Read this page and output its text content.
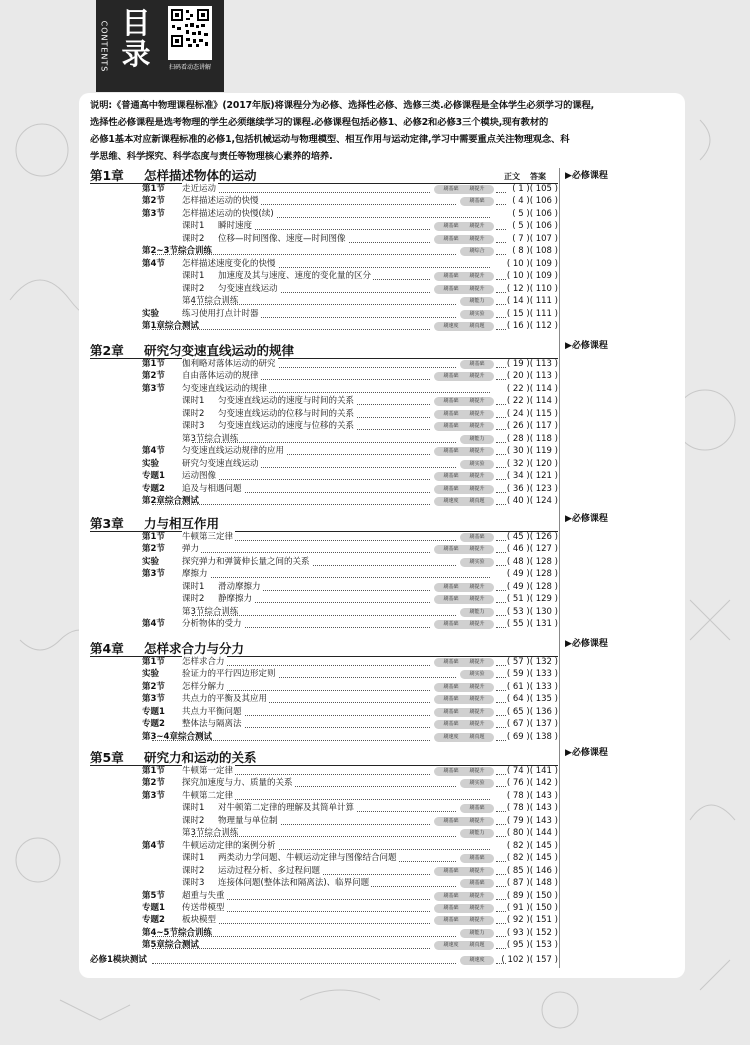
目录
CONTENTS	扫码看动态讲解
说明:《普通高中物理课程标准》(2017年版)将课程分为必修、选择性必修、选修三类.必修课程是全体学生必须学习的课程,
选择性必修课程是选考物理的学生必须继续学习的课程.必修课程包括必修1、必修2和必修3三个模块,现有教材的
必修1基本对应新课程标准的必修1,包括机械运动与物理模型、相互作用与运动定律,学习中需要重点关注物理观念、科
学思维、科学探究、科学态度与责任等物理核心素养的培养.
第1章 怎样描述物体的运动	正文 答案 ▶必修课程
第1节 走近运动	刷基础	刷提升	( 1 )( 105 )
第2节 怎样描述运动的快慢	刷基础	( 4 )( 106 )
第3节 怎样描述运动的快慢(续)	( 5 )( 106 )
课时1 瞬时速度	刷基础	刷提升	( 5 )( 106 )
课时2 位移—时间图像、速度—时间图像	刷基础	刷提升	( 7 )( 107 )
第2~3节综合训练	刷综合	( 8 )( 108 )
第4节 怎样描述速度变化的快慢	( 10 )( 109 )
课时1 加速度及其与速度、速度的变化量的区分	刷基础	刷提升	( 10 )( 109 )
课时2 匀变速直线运动	刷基础	刷提升	( 12 )( 110 )
第4节综合训练	刷能力	( 14 )( 111 )
实验	练习使用打点计时器	刷实验	( 15 )( 111 )
第1章综合测试	刷速度	刷真题	( 16 )( 112 )
第2章 研究匀变速直线运动的规律	▶必修课程
第1节 伽利略对落体运动的研究	刷基础	( 19 )( 113 )
第2节 自由落体运动的规律	刷基础	刷提升	( 20 )( 113 )
第3节 匀变速直线运动的规律	( 22 )( 114 )
课时1 匀变速直线运动的速度与时间的关系	刷基础	刷提升	( 22 )( 114 )
课时2 匀变速直线运动的位移与时间的关系	刷基础	刷提升	( 24 )( 115 )
课时3 匀变速直线运动的速度与位移的关系	刷基础	刷提升	( 26 )( 117 )
第3节综合训练	刷能力	( 28 )( 118 )
第4节 匀变速直线运动规律的应用	刷基础	刷提升	( 30 )( 119 )
实验	研究匀变速直线运动	刷实验	( 32 )( 120 )
专题1 运动图像	刷基础	刷提升	( 34 )( 121 )
专题2 追及与相遇问题	刷基础	刷提升	( 36 )( 123 )
第2章综合测试	刷速度	刷真题	( 40 )( 124 )
第3章 力与相互作用	▶必修课程
第1节 牛顿第三定律	刷基础	( 45 )( 126 )
第2节 弹力	刷基础	刷提升	( 46 )( 127 )
实验	探究弹力和弹簧伸长量之间的关系	刷实验	( 48 )( 128 )
第3节 摩擦力	( 49 )( 128 )
课时1 滑动摩擦力	刷基础	刷提升	( 49 )( 128 )
课时2 静摩擦力	刷基础	刷提升	( 51 )( 129 )
第3节综合训练	刷能力	( 53 )( 130 )
第4节 分析物体的受力	刷基础	刷提升	( 55 )( 131 )
第4章 怎样求合力与分力	▶必修课程
第1节 怎样求合力	刷基础	刷提升	( 57 )( 132 )
实验	验证力的平行四边形定则	刷实验	( 59 )( 133 )
第2节 怎样分解力	刷基础	刷提升	( 61 )( 133 )
第3节 共点力的平衡及其应用	刷基础	刷提升	( 64 )( 135 )
专题1 共点力平衡问题	刷基础	刷提升	( 65 )( 136 )
专题2 整体法与隔离法	刷基础	刷提升	( 67 )( 137 )
第3~4章综合测试	刷速度	刷真题	( 69 )( 138 )
第5章 研究力和运动的关系	▶必修课程
第1节 牛顿第一定律	刷基础	刷提升	( 74 )( 141 )
第2节 探究加速度与力、质量的关系	刷实验	( 76 )( 142 )
第3节 牛顿第二定律	( 78 )( 143 )
课时1 对牛顿第二定律的理解及其简单计算	刷基础	( 78 )( 143 )
课时2 物理量与单位制	刷基础	刷提升	( 79 )( 143 )
第3节综合训练	刷能力	( 80 )( 144 )
第4节 牛顿运动定律的案例分析	( 82 )( 145 )
课时1 两类动力学问题、牛顿运动定律与图像结合问题	刷基础	( 82 )( 145 )
课时2 运动过程分析、多过程问题	刷基础	刷提升	( 85 )( 146 )
课时3 连接体问题(整体法和隔离法)、临界问题	刷基础	( 87 )( 148 )
第5节 超重与失重	刷基础	刷提升	( 89 )( 150 )
专题1 传送带模型	刷基础	刷提升	( 91 )( 150 )
专题2 板块模型	刷基础	刷提升	( 92 )( 151 )
第4~5节综合训练	刷能力	( 93 )( 152 )
第5章综合测试	刷速度	刷真题	( 95 )( 153 )
必修1模块测试	刷速度	( 102 )( 157 )
